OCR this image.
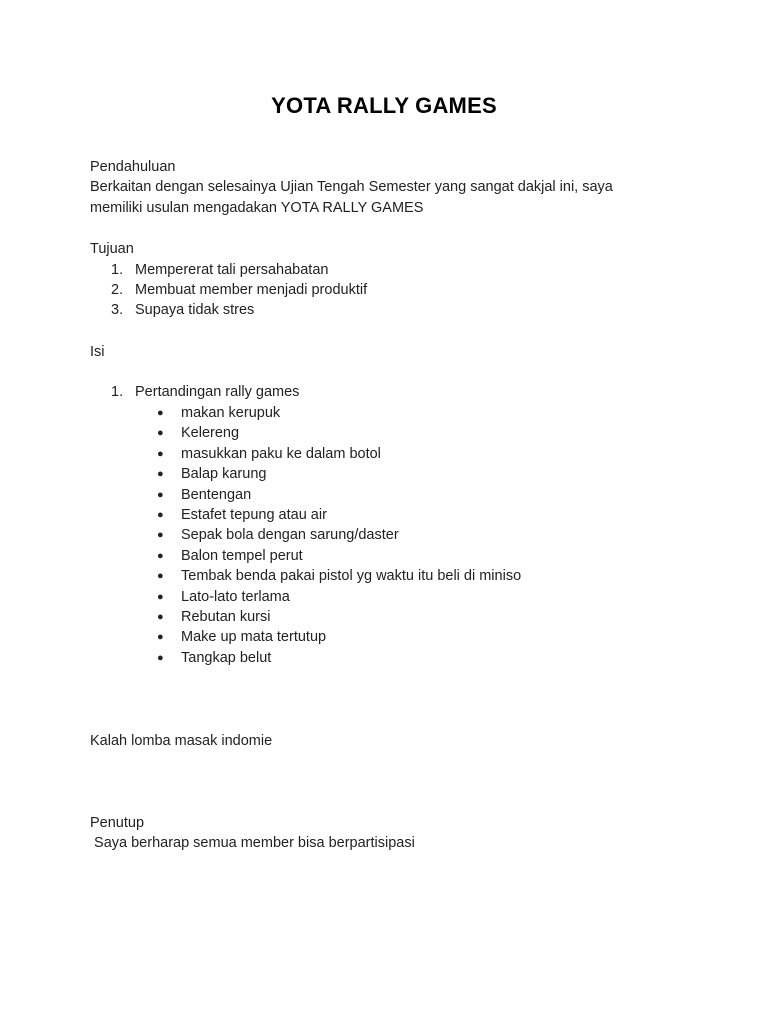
YOTA RALLY GAMES
Pendahuluan
Berkaitan dengan selesainya Ujian Tengah Semester yang sangat dakjal ini, saya
memiliki usulan mengadakan YOTA RALLY GAMES
Tujuan
1. Mempererat tali persahabatan
2. Membuat member menjadi produktif
3. Supaya tidak stres
Isi
1. Pertandingan rally games
● makan kerupuk
● Kelereng
● masukkan paku ke dalam botol
● Balap karung
● Bentengan
● Estafet tepung atau air
● Sepak bola dengan sarung/daster
● Balon tempel perut
● Tembak benda pakai pistol yg waktu itu beli di miniso
● Lato-lato terlama
● Rebutan kursi
● Make up mata tertutup
● Tangkap belut
Kalah lomba masak indomie
Penutup
Saya berharap semua member bisa berpartisipasi
